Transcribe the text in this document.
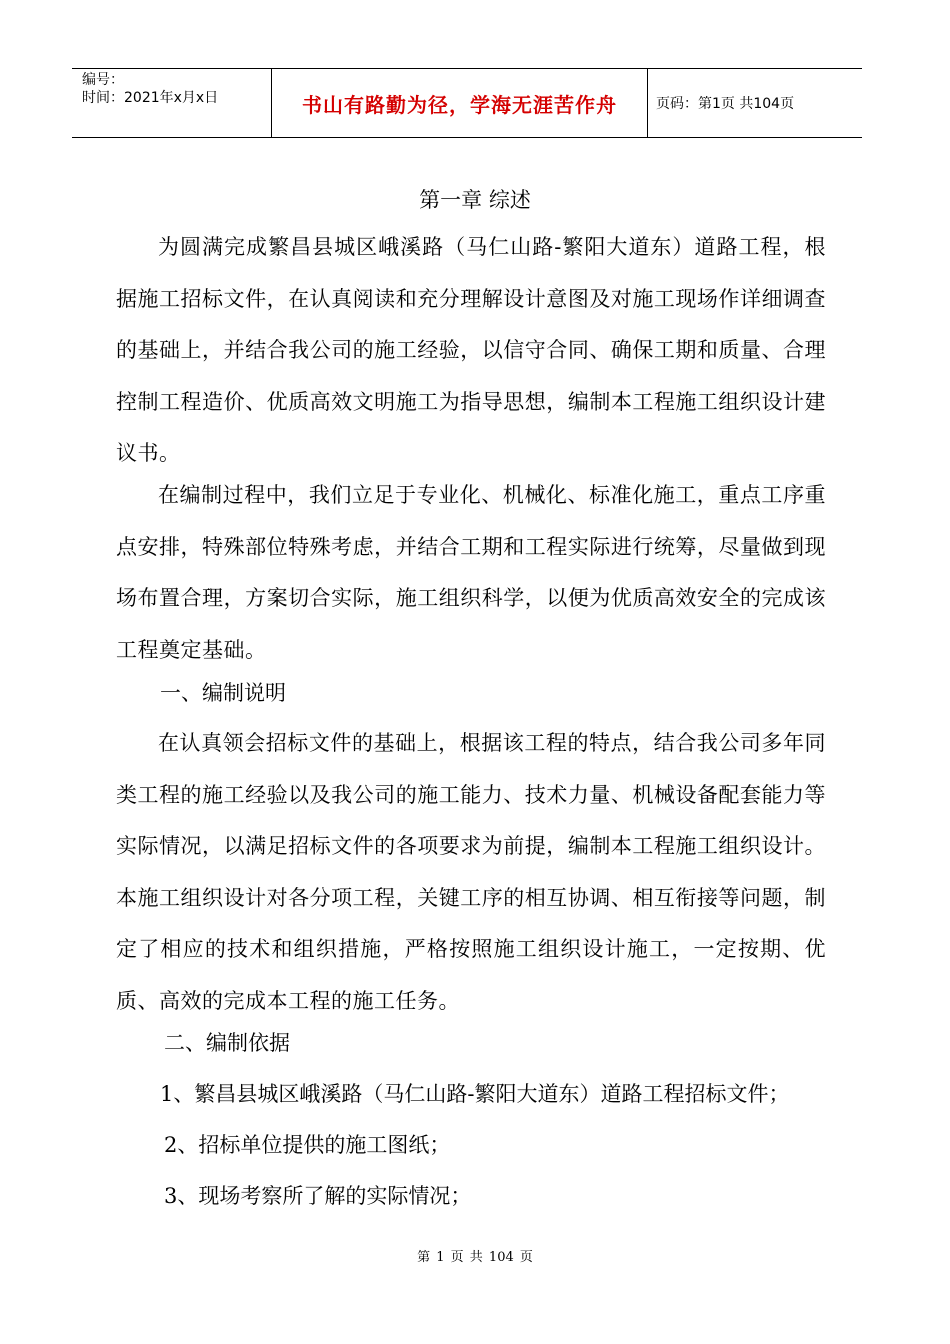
编号：
时间：2021年x月x日	书山有路勤为径，学海无涯苦作舟	页码：第1页 共104页
第一章 综述

为圆满完成繁昌县城区峨溪路（马仁山路-繁阳大道东）道路工程，根据施工招标文件，在认真阅读和充分理解设计意图及对施工现场作详细调查的基础上，并结合我公司的施工经验，以信守合同、确保工期和质量、合理控制工程造价、优质高效文明施工为指导思想，编制本工程施工组织设计建议书。

在编制过程中，我们立足于专业化、机械化、标准化施工，重点工序重点安排，特殊部位特殊考虑，并结合工期和工程实际进行统筹，尽量做到现场布置合理，方案切合实际，施工组织科学，以便为优质高效安全的完成该工程奠定基础。

一、编制说明

在认真领会招标文件的基础上，根据该工程的特点，结合我公司多年同类工程的施工经验以及我公司的施工能力、技术力量、机械设备配套能力等实际情况，以满足招标文件的各项要求为前提，编制本工程施工组织设计。本施工组织设计对各分项工程，关键工序的相互协调、相互衔接等问题，制定了相应的技术和组织措施，严格按照施工组织设计施工，一定按期、优质、高效的完成本工程的施工任务。

二、编制依据

1、繁昌县城区峨溪路（马仁山路-繁阳大道东）道路工程招标文件；

2、招标单位提供的施工图纸；

3、现场考察所了解的实际情况；

第 1 页 共 104 页
